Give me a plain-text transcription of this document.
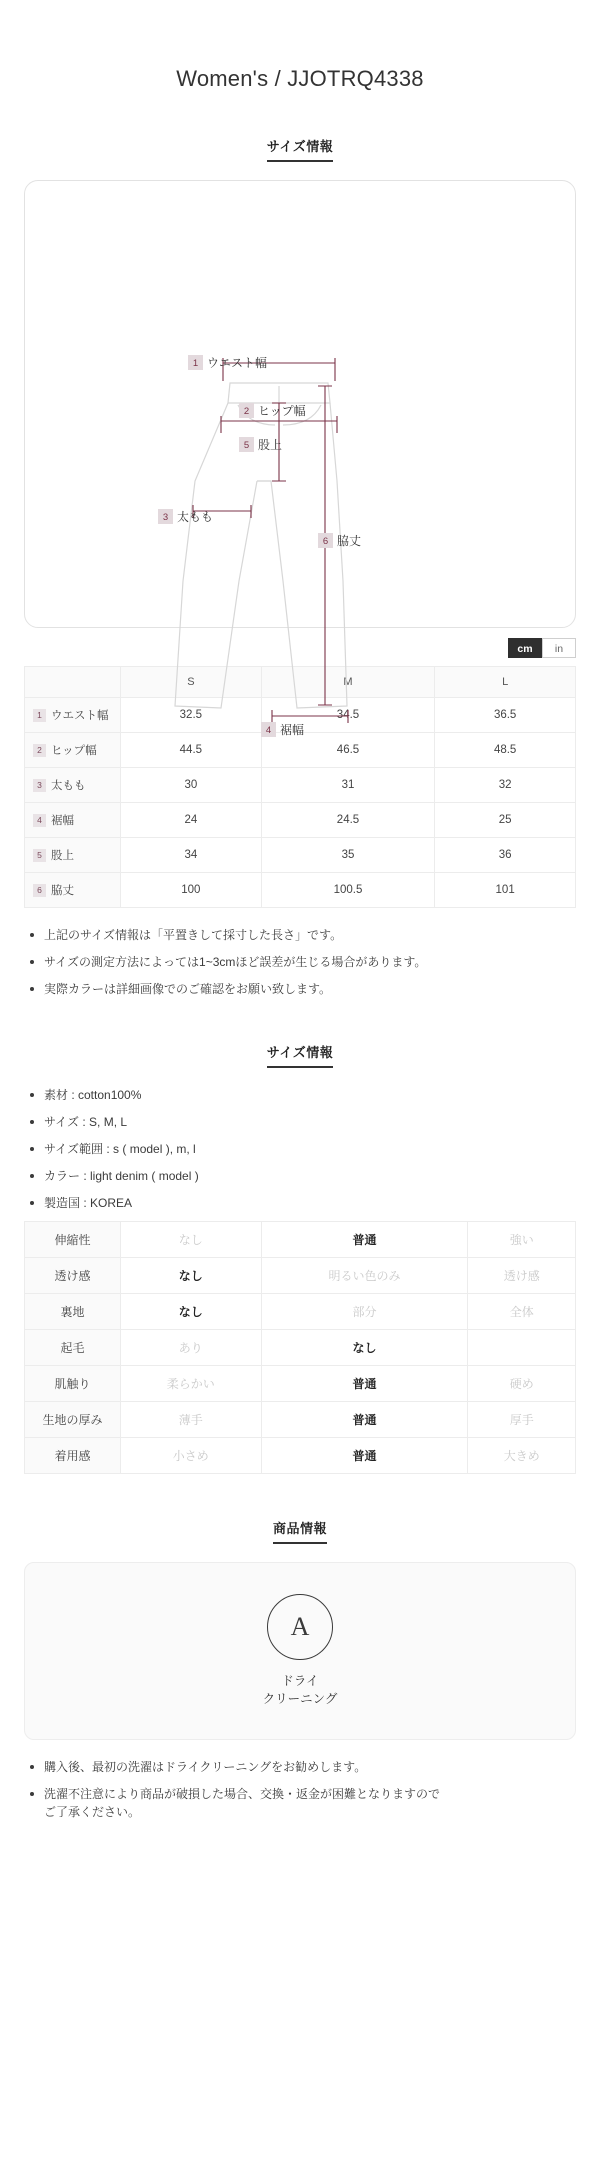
Women's / JJOTRQ4338
サイズ情報
1 ウエスト幅
2 ヒップ幅
5 股上
3 太もも
6 脇丈
4 裾幅
cm	in
	S	M	L
1 ウエスト幅	32.5	34.5	36.5
2 ヒップ幅	44.5	46.5	48.5
3 太もも	30	31	32
4 裾幅	24	24.5	25
5 股上	34	35	36
6 脇丈	100	100.5	101
上記のサイズ情報は「平置きして採寸した長さ」です。
サイズの測定方法によっては1~3cmほど誤差が生じる場合があります。
実際カラーは詳細画像でのご確認をお願い致します。
サイズ情報
素材 : cotton100%
サイズ : S, M, L
サイズ範囲 : s ( model ), m, l
カラー : light denim ( model )
製造国 : KOREA
伸縮性	なし	普通	強い
透け感	なし	明るい色のみ	透け感
裏地	なし	部分	全体
起毛	あり	なし	
肌触り	柔らかい	普通	硬め
生地の厚み	薄手	普通	厚手
着用感	小さめ	普通	大きめ
商品情報
A
ドライ
クリーニング
購入後、最初の洗濯はドライクリーニングをお勧めします。
洗濯不注意により商品が破損した場合、交換・返金が困難となりますので
ご了承ください。
